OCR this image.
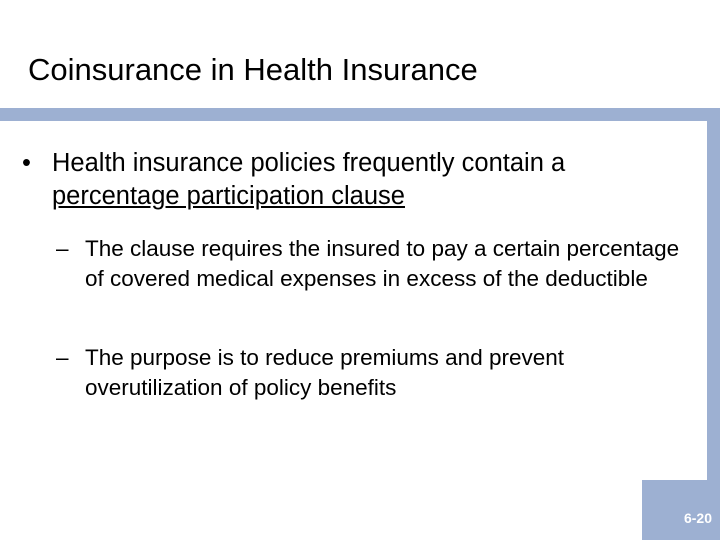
Coinsurance in Health Insurance
• Health insurance policies frequently contain a percentage participation clause
– The clause requires the insured to pay a certain percentage of covered medical expenses in excess of the deductible
– The purpose is to reduce premiums and prevent overutilization of policy benefits
6-20
